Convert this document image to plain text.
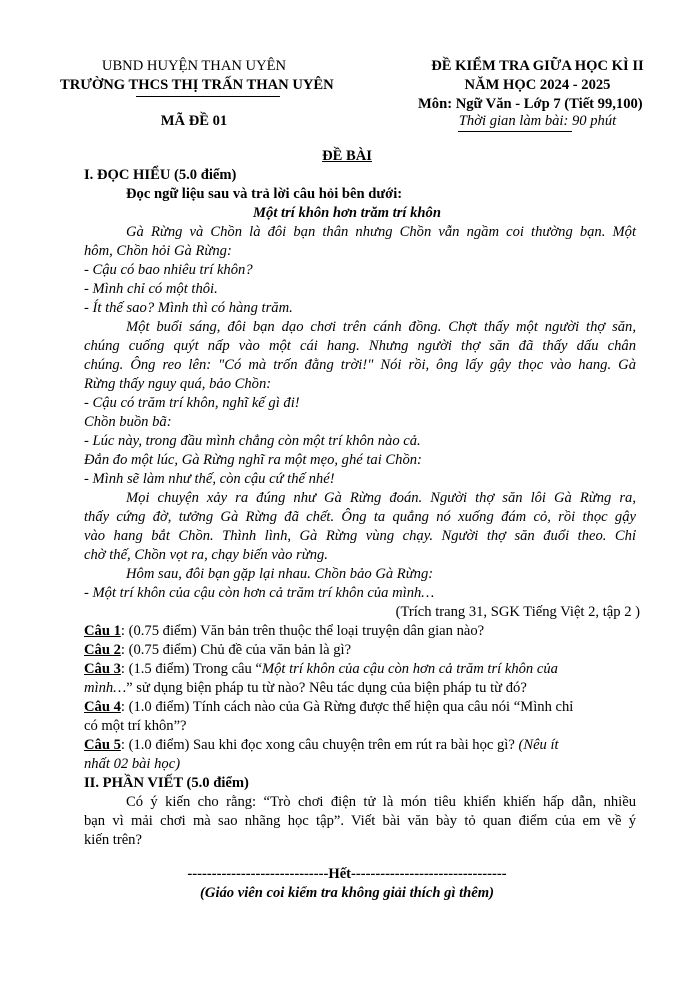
UBND HUYỆN THAN UYÊN
TRƯỜNG THCS THỊ TRẤN THAN UYÊN
MÃ ĐỀ 01
ĐỀ KIỂM TRA GIỮA HỌC KÌ II
NĂM HỌC 2024 - 2025
Môn: Ngữ Văn - Lớp 7 (Tiết 99,100)
Thời gian làm bài: 90 phút
ĐỀ BÀI
I. ĐỌC HIỂU (5.0 điểm)
Đọc ngữ liệu sau và trả lời câu hỏi bên dưới:
Một trí khôn hơn trăm trí khôn
Gà Rừng và Chồn là đôi bạn thân nhưng Chồn vẫn ngầm coi thường bạn. Một
hôm, Chồn hỏi Gà Rừng:
- Cậu có bao nhiêu trí khôn?
- Mình chỉ có một thôi.
- Ít thế sao? Mình thì có hàng trăm.
Một buổi sáng, đôi bạn dạo chơi trên cánh đồng. Chợt thấy một người thợ săn,
chúng cuống quýt nấp vào một cái hang. Nhưng người thợ săn đã thấy dấu chân
chúng. Ông reo lên: "Có mà trốn đằng trời!" Nói rồi, ông lấy gậy thọc vào hang. Gà
Rừng thấy nguy quá, bảo Chồn:
- Cậu có trăm trí khôn, nghĩ kế gì đi!
Chồn buồn bã:
- Lúc này, trong đầu mình chẳng còn một trí khôn nào cả.
Đắn đo một lúc, Gà Rừng nghĩ ra một mẹo, ghé tai Chồn:
- Mình sẽ làm như thế, còn cậu cứ thế nhé!
Mọi chuyện xảy ra đúng như Gà Rừng đoán. Người thợ săn lôi Gà Rừng ra,
thấy cứng đờ, tưởng Gà Rừng đã chết. Ông ta quẳng nó xuống đám cỏ, rồi thọc gậy
vào hang bắt Chồn. Thình lình, Gà Rừng vùng chạy. Người thợ săn đuổi theo. Chỉ
chờ thế, Chồn vọt ra, chạy biến vào rừng.
Hôm sau, đôi bạn gặp lại nhau. Chồn bảo Gà Rừng:
- Một trí khôn của cậu còn hơn cả trăm trí khôn của mình…
(Trích trang 31, SGK Tiếng Việt 2, tập 2 )
Câu 1: (0.75 điểm) Văn bản trên thuộc thể loại truyện dân gian nào?
Câu 2: (0.75 điểm) Chủ đề của văn bản là gì?
Câu 3: (1.5 điểm) Trong câu “Một trí khôn của cậu còn hơn cả trăm trí khôn của
mình…” sử dụng biện pháp tu từ nào? Nêu tác dụng của biện pháp tu từ đó?
Câu 4: (1.0 điểm) Tính cách nào của Gà Rừng được thể hiện qua câu nói “Mình chỉ
có một trí khôn”?
Câu 5: (1.0 điểm) Sau khi đọc xong câu chuyện trên em rút ra bài học gì? (Nêu ít
nhất 02 bài học)
II. PHẦN VIẾT (5.0 điểm)
Có ý kiến cho rằng: “Trò chơi điện tử là món tiêu khiển khiến hấp dẫn, nhiều
bạn vì mải chơi mà sao nhãng học tập”. Viết bài văn bày tỏ quan điểm của em về ý
kiến trên?
-----------------------------Hết--------------------------------
(Giáo viên coi kiểm tra không giải thích gì thêm)
